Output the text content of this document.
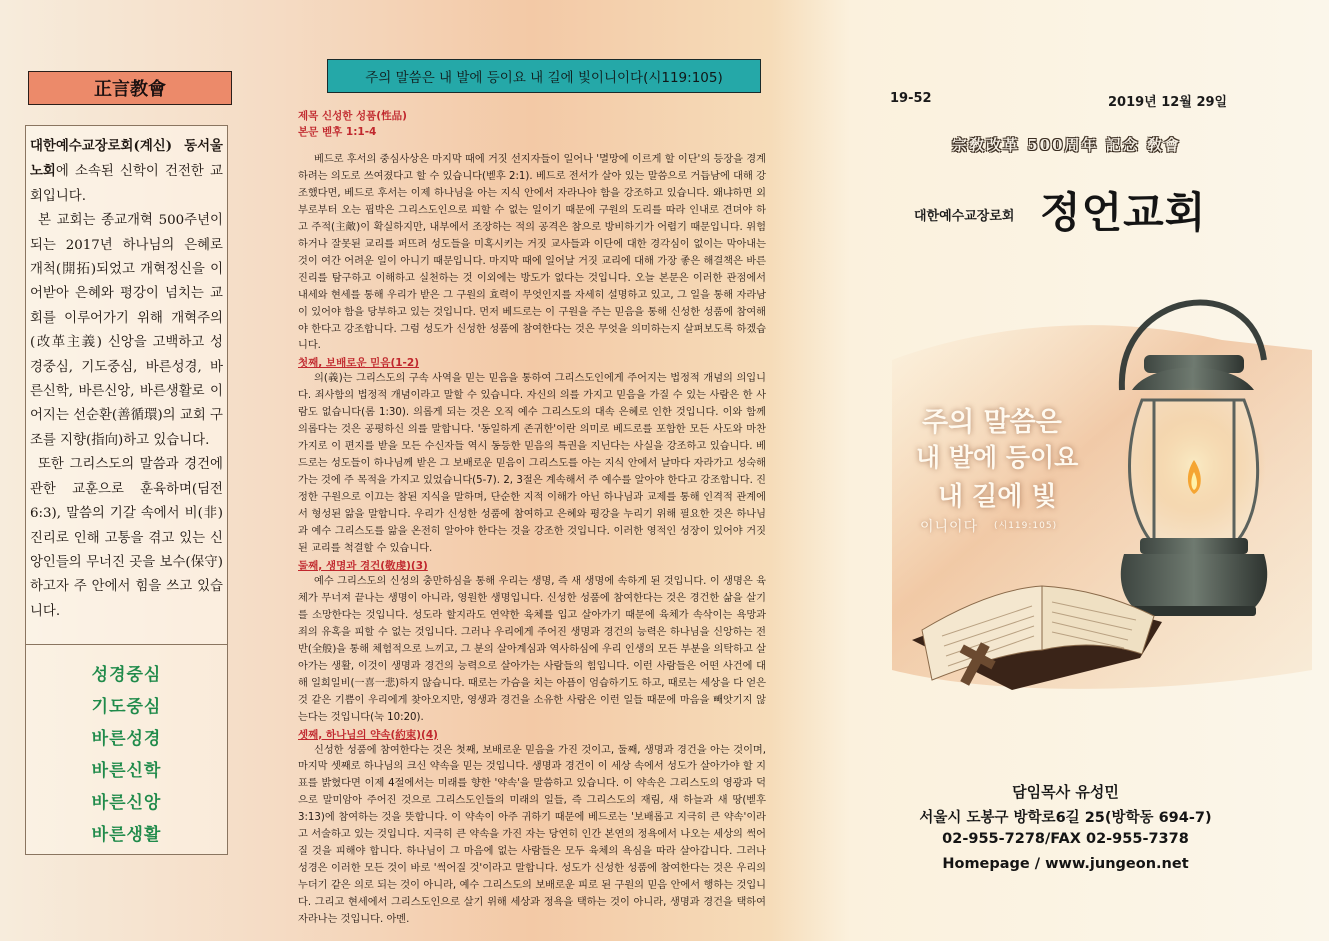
正言教會

대한예수교장로회(계신) 동서울 노회에 소속된 신학이 건전한 교회입니다.

본 교회는 종교개혁 500주년이 되는 2017년 하나님의 은혜로 개척(開拓)되었고 개혁정신을 이어받아 은혜와 평강이 넘치는 교회를 이루어가기 위해 개혁주의(改革主義) 신앙을 고백하고 성경중심, 기도중심, 바른성경, 바른신학, 바른신앙, 바른생활로 이어지는 선순환(善循環)의 교회 구조를 지향(指向)하고 있습니다.

또한 그리스도의 말씀과 경건에 관한 교훈으로 훈육하며(딤전 6:3), 말씀의 기갈 속에서 비(非) 진리로 인해 고통을 겪고 있는 신앙인들의 무너진 곳을 보수(保守)하고자 주 안에서 힘을 쓰고 있습니다.

성경중심
기도중심
바른성경
바른신학
바른신앙
바른생활
주의 말씀은 내 발에 등이요 내 길에 빛이니이다(시119:105)
제목 신성한 성품(性品)
본문 벧후 1:1-4

베드로 후서의 중심사상은 마지막 때에 거짓 선지자들이 일어나 '멸망에 이르게 할 이단'의 등장을 경계하려는 의도로 쓰여졌다고 할 수 있습니다(벧후 2:1). 베드로 전서가 살아 있는 말씀으로 거듭남에 대해 강조했다면, 베드로 후서는 이제 하나님을 아는 지식 안에서 자라나야 함을 강조하고 있습니다. 왜냐하면 외부로부터 오는 핍박은 그리스도인으로 피할 수 없는 일이기 때문에 구원의 도리를 따라 인내로 견뎌야 하고 주적(主敵)이 확실하지만, 내부에서 조장하는 적의 공격은 참으로 방비하기가 어렵기 때문입니다. 위험하거나 잘못된 교리를 퍼뜨려 성도들을 미혹시키는 거짓 교사들과 이단에 대한 경각심이 없이는 막아내는 것이 여간 어려운 일이 아니기 때문입니다. 마지막 때에 일어날 거짓 교리에 대해 가장 좋은 해결책은 바른 진리를 탐구하고 이해하고 실천하는 것 이외에는 방도가 없다는 것입니다. 오늘 본문은 이러한 관점에서 내세와 현세를 통해 우리가 받은 그 구원의 효력이 무엇인지를 자세히 설명하고 있고, 그 일을 통해 자라남이 있어야 함을 당부하고 있는 것입니다. 먼저 베드로는 이 구원을 주는 믿음을 통해 신성한 성품에 참여해야 한다고 강조합니다. 그럼 성도가 신성한 성품에 참여한다는 것은 무엇을 의미하는지 살펴보도록 하겠습니다.

첫째, 보배로운 믿음(1-2)

의(義)는 그리스도의 구속 사역을 믿는 믿음을 통하여 그리스도인에게 주어지는 법정적 개념의 의입니다. 죄사함의 법정적 개념이라고 말할 수 있습니다. 자신의 의를 가지고 믿음을 가질 수 있는 사람은 한 사람도 없습니다(롬 1:30). 의롭게 되는 것은 오직 예수 그리스도의 대속 은혜로 인한 것입니다. 이와 함께 의롭다는 것은 공평하신 의를 말합니다. '동일하게 존귀한'이란 의미로 베드로를 포함한 모든 사도와 마찬가지로 이 편지를 받을 모든 수신자들 역시 동등한 믿음의 특권을 지닌다는 사실을 강조하고 있습니다. 베드로는 성도들이 하나님께 받은 그 보배로운 믿음이 그리스도를 아는 지식 안에서 날마다 자라가고 성숙해 가는 것에 주 목적을 가지고 있었습니다(5-7). 2, 3절은 계속해서 주 예수를 알아야 한다고 강조합니다. 진정한 구원으로 이끄는 참된 지식을 말하며, 단순한 지적 이해가 아닌 하나님과 교제를 통해 인격적 관계에서 형성된 앎을 말합니다. 우리가 신성한 성품에 참여하고 은혜와 평강을 누리기 위해 필요한 것은 하나님과 예수 그리스도를 앎을 온전히 알아야 한다는 것을 강조한 것입니다. 이러한 영적인 성장이 있어야 거짓된 교리를 척결할 수 있습니다.

둘째, 생명과 경건(敬虔)(3)

예수 그리스도의 신성의 충만하심을 통해 우리는 생명, 즉 새 생명에 속하게 된 것입니다. 이 생명은 육체가 무너져 끝나는 생명이 아니라, 영원한 생명입니다. 신성한 성품에 참여한다는 것은 경건한 삶을 살기를 소망한다는 것입니다. 성도라 할지라도 연약한 육체를 입고 살아가기 때문에 육체가 속삭이는 욕망과 죄의 유혹을 피할 수 없는 것입니다. 그러나 우리에게 주어진 생명과 경건의 능력은 하나님을 신앙하는 전반(全般)을 통해 체험적으로 느끼고, 그 분의 살아계심과 역사하심에 우리 인생의 모든 부분을 의탁하고 살아가는 생활, 이것이 생명과 경건의 능력으로 살아가는 사람들의 힘입니다. 이런 사람들은 어떤 사건에 대해 일희일비(一喜一悲)하지 않습니다. 때로는 가슴을 치는 아픔이 엄습하기도 하고, 때로는 세상을 다 얻은 것 같은 기쁨이 우리에게 찾아오지만, 영생과 경건을 소유한 사람은 이런 일들 때문에 마음을 빼앗기지 않는다는 것입니다(눅 10:20).

셋째, 하나님의 약속(約束)(4)

신성한 성품에 참여한다는 것은 첫째, 보배로운 믿음을 가진 것이고, 둘째, 생명과 경건을 아는 것이며, 마지막 셋째로 하나님의 크신 약속을 믿는 것입니다. 생명과 경건이 이 세상 속에서 성도가 살아가야 할 지표를 밝혔다면 이제 4절에서는 미래를 향한 '약속'을 말씀하고 있습니다. 이 약속은 그리스도의 영광과 덕으로 말미암아 주어진 것으로 그리스도인들의 미래의 일들, 즉 그리스도의 재림, 새 하늘과 새 땅(벧후 3:13)에 참여하는 것을 뜻합니다. 이 약속이 아주 귀하기 때문에 베드로는 '보배롭고 지극히 큰 약속'이라고 서술하고 있는 것입니다. 지극히 큰 약속을 가진 자는 당연히 인간 본연의 정욕에서 나오는 세상의 썩어질 것을 피해야 합니다. 하나님이 그 마음에 없는 사람들은 모두 육체의 욕심을 따라 살아갑니다. 그러나 성경은 이러한 모든 것이 바로 '썩어질 것'이라고 말합니다. 성도가 신성한 성품에 참여한다는 것은 우리의 누더기 같은 의로 되는 것이 아니라, 예수 그리스도의 보배로운 피로 된 구원의 믿음 안에서 행하는 것입니다. 그리고 현세에서 그리스도인으로 살기 위해 세상과 정욕을 택하는 것이 아니라, 생명과 경건을 택하여 자라나는 것입니다. 아멘.

19-52	2019년 12월 29일
宗敎改革 500周年 記念 敎會
대한예수교장로회 정언교회
주의 말씀은
내 발에 등이요
내 길에 빛
이니이다 (시119:105)
담임목사 유성민
서울시 도봉구 방학로6길 25(방학동 694-7)
02-955-7278/FAX 02-955-7378
Homepage / www.jungeon.net
